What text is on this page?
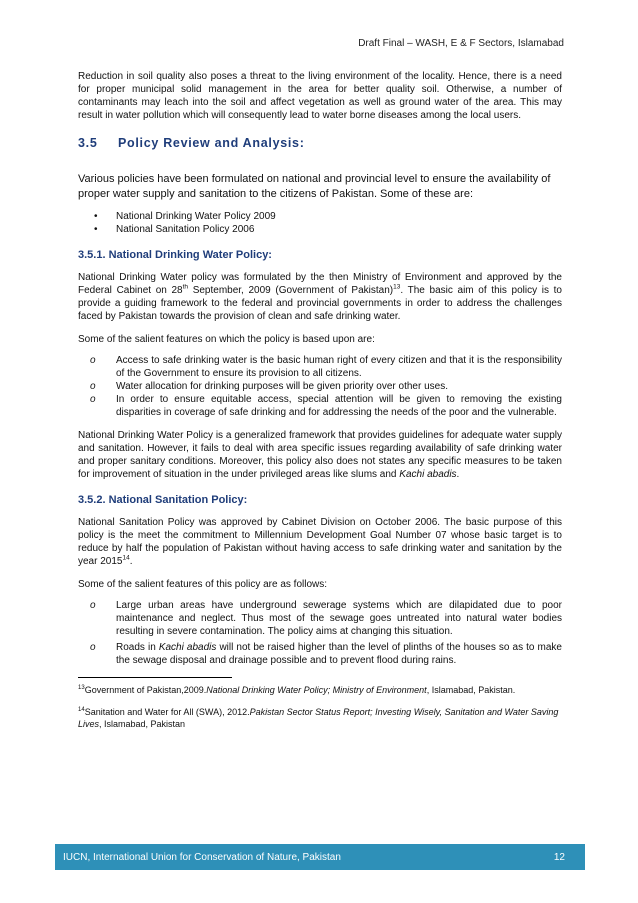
Draft Final – WASH, E & F Sectors, Islamabad

Reduction in soil quality also poses a threat to the living environment of the locality. Hence, there is a need for proper municipal solid management in the area for better quality soil. Otherwise, a number of contaminants may leach into the soil and affect vegetation as well as ground water of the area. This may result in water pollution which will consequently lead to water borne diseases among the local users.

3.5 Policy Review and Analysis:

Various policies have been formulated on national and provincial level to ensure the availability of proper water supply and sanitation to the citizens of Pakistan. Some of these are:

• National Drinking Water Policy 2009
• National Sanitation Policy 2006
3.5.1. National Drinking Water Policy:

National Drinking Water policy was formulated by the then Ministry of Environment and approved by the Federal Cabinet on 28th September, 2009 (Government of Pakistan)$^{13}$. The basic aim of this policy is to provide a guiding framework to the federal and provincial governments in order to address the challenges faced by Pakistan towards the provision of clean and safe drinking water.

Some of the salient features on which the policy is based upon are:

o Access to safe drinking water is the basic human right of every citizen and that it is the responsibility of the Government to ensure its provision to all citizens.
o Water allocation for drinking purposes will be given priority over other uses.
o In order to ensure equitable access, special attention will be given to removing the existing disparities in coverage of safe drinking and for addressing the needs of the poor and the vulnerable.

National Drinking Water Policy is a generalized framework that provides guidelines for adequate water supply and sanitation. However, it fails to deal with area specific issues regarding availability of safe drinking water and proper sanitary conditions. Moreover, this policy also does not states any specific measures to be taken for improvement of situation in the under privileged areas like slums and Kachi abadis.

3.5.2. National Sanitation Policy:

National Sanitation Policy was approved by Cabinet Division on October 2006. The basic purpose of this policy is the meet the commitment to Millennium Development Goal Number 07 whose basic target is to reduce by half the population of Pakistan without having access to safe drinking water and sanitation by the year 2015$^{14}$.

Some of the salient features of this policy are as follows:

o Large urban areas have underground sewerage systems which are dilapidated due to poor maintenance and neglect. Thus most of the sewage goes untreated into natural water bodies resulting in severe contamination. The policy aims at changing this situation.
o Roads in Kachi abadis will not be raised higher than the level of plinths of the houses so as to make the sewage disposal and drainage possible and to prevent flood during rains.
$^{13}$Government of Pakistan,2009.National Drinking Water Policy; Ministry of Environment, Islamabad, Pakistan.
$^{14}$Sanitation and Water for All (SWA), 2012.Pakistan Sector Status Report; Investing Wisely, Sanitation and Water Saving Lives, Islamabad, Pakistan
IUCN, International Union for Conservation of Nature, Pakistan	12
